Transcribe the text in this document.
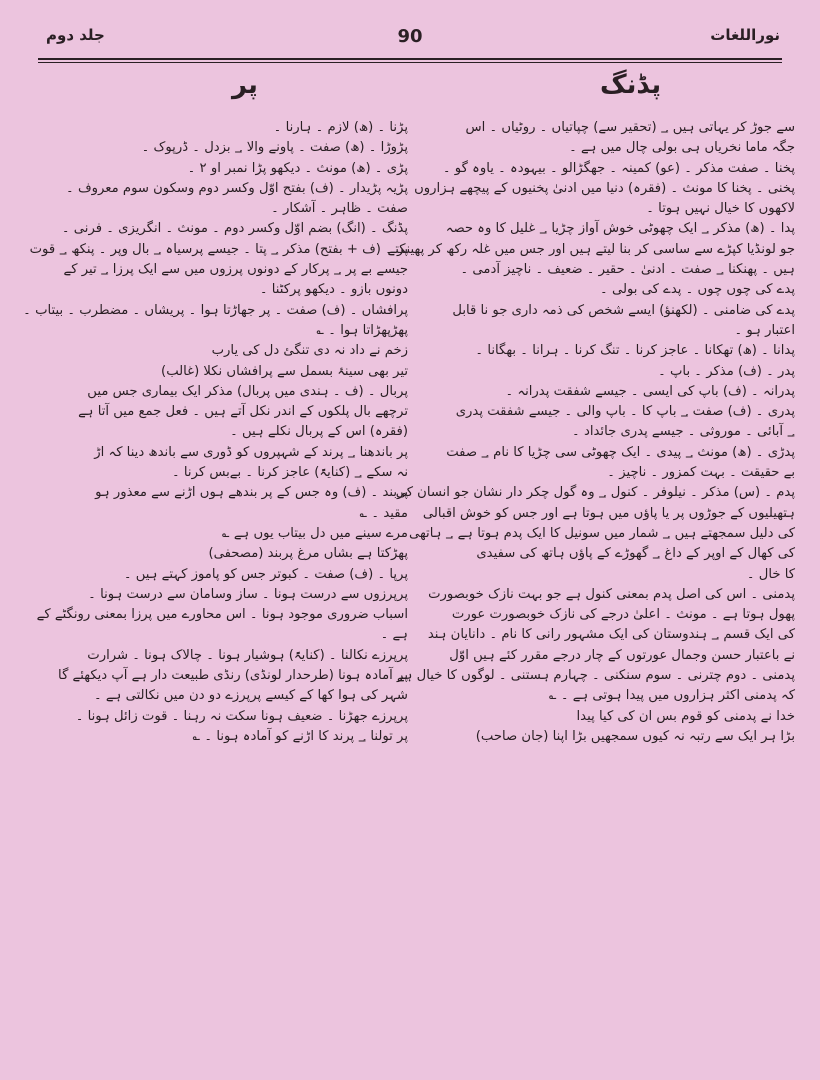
جلد دوم	90	نوراللغات
پر	پڈنگ

پڑنا ۔ (ھ) لازم ۔ ہارنا ۔

پڑوڑا ۔ (ھ) صفت ۔ پاونے والا ؀ بزدل ۔ ڈرپوک ۔

پڑی ۔ (ھ) مونث ۔ دیکھو پڑا نمبر او ۲ ۔

پڑیہ پڑیدار ۔ (ف) بفتح اوّل وکسر دوم وسکون سوم معروف ۔

صفت ۔ ظاہر ۔ آشکار ۔

پڈنگ ۔ (انگ) بضم اوّل وکسر دوم ۔ مونث ۔ انگریزی ۔ فرنی ۔

پر ۔ (ف + بفتح) مذکر ؀ پتا ۔ جیسے پرسیاہ ؀ بال وپر ۔ پنکھ ؀ قوت

جیسے بے پر ؀ پرکار کے دونوں پرزوں میں سے ایک پرزا ؀ تیر کے

دونوں بازو ۔ دیکھو پرکٹنا ۔

پرافشاں ۔ (ف) صفت ۔ پر جھاڑتا ہوا ۔ پریشاں ۔ مضطرب ۔ بیتاب ۔

پھڑپھڑاتا ہوا ۔ ؎

زخم نے داد نہ دی تنگئ دل کی یارب

تیر بھی سینۂ بسمل سے پرافشاں نکلا (غالب)

پربال ۔ (ف ۔ ہندی میں پربال) مذکر ایک بیماری جس میں

ترچھے بال پلکوں کے اندر نکل آتے ہیں ۔ فعل جمع میں آتا ہے

(فقرہ) اس کے پربال نکلے ہیں ۔

پر باندھنا ؀ پرند کے شہپروں کو ڈوری سے باندھ دینا کہ اڑ

نہ سکے ؀ (کنایۃً) عاجز کرنا ۔ بےبس کرنا ۔

پربند ۔ (ف) وہ جس کے پر بندھے ہوں اڑنے سے معذور ہو

مقید ۔ ؎

مرے سینے میں دل بیتاب یوں ہے ؎

پھڑکتا ہے بشاں مرغ پربند (مصحفی)

پرپا ۔ (ف) صفت ۔ کبوتر جس کو پاموز کہتے ہیں ۔

پرپرزوں سے درست ہونا ۔ ساز وسامان سے درست ہونا ۔

اسباب ضروری موجود ہونا ۔ اس محاورے میں پرزا بمعنی رونگٹے کے

ہے ۔

پرپرزے نکالنا ۔ (کنایۃً) ہوشیار ہونا ۔ چالاک ہونا ۔ شرارت

پر آمادہ ہونا (طرحدار لونڈی) رنڈی طبیعت دار ہے آپ دیکھئے گا

شہر کی ہوا کھا کے کیسے پرپرزے دو دن میں نکالتی ہے ۔

پرپرزے جھڑنا ۔ ضعیف ہونا سکت نہ رہنا ۔ قوت زائل ہونا ۔

پر تولنا ؀ پرند کا اڑنے کو آمادہ ہونا ۔ ؎

سے جوڑ کر یہاتی ہیں ؀ (تحقیر سے) چپاتیاں ۔ روٹیاں ۔ اس

جگہ ماما نخریاں ہی بولی چال میں ہے ۔

پخنا ۔ صفت مذکر ۔ (عو) کمینہ ۔ جھگڑالو ۔ بیہودہ ۔ یاوہ گو ۔

پخنی ۔ پخنا کا مونث ۔ (فقرہ) دنیا میں ادنیٰ پخنیوں کے پیچھے ہزاروں

لاکھوں کا خیال نہیں ہوتا ۔

پدا ۔ (ھ) مذکر ؀ ایک چھوٹی خوش آواز چڑیا ؀ غلیل کا وہ حصہ

جو لونڈیا کپڑے سے ساسی کر بنا لیتے ہیں اور جس میں غلہ رکھ کر پھینکتے

ہیں ۔ پھنکنا ؀ صفت ۔ ادنیٰ ۔ حقیر ۔ ضعیف ۔ ناچیز آدمی ۔

پدے کی چوں چوں ۔ پدے کی بولی ۔

پدے کی ضامنی ۔ (لکھنؤ) ایسے شخص کی ذمہ داری جو نا قابل

اعتبار ہو ۔

پدانا ۔ (ھ) تھکانا ۔ عاجز کرنا ۔ تنگ کرنا ۔ ہرانا ۔ بھگانا ۔

پدر ۔ (ف) مذکر ۔ باپ ۔

پدرانہ ۔ (ف) باپ کی ایسی ۔ جیسے شفقت پدرانہ ۔

پدری ۔ (ف) صفت ؀ باپ کا ۔ باپ والی ۔ جیسے شفقت پدری

؀ آبائی ۔ موروثی ۔ جیسے پدری جائداد ۔

پدڑی ۔ (ھ) مونث ؀ پیدی ۔ ایک چھوٹی سی چڑیا کا نام ؀ صفت

بے حقیقت ۔ بہت کمزور ۔ ناچیز ۔

پدم ۔ (س) مذکر ۔ نیلوفر ۔ کنول ؀ وہ گول چکر دار نشان جو انسان کی

ہتھیلیوں کے جوڑوں پر یا پاؤں میں ہوتا ہے اور جس کو خوش اقبالی

کی دلیل سمجھتے ہیں ؀ شمار میں سونیل کا ایک پدم ہوتا ہے ؀ ہاتھی

کی کھال کے اوپر کے داغ ؀ گھوڑے کے پاؤں ہاتھ کی سفیدی

کا خال ۔

پدمنی ۔ اس کی اصل پدم بمعنی کنول ہے جو بہت نازک خوبصورت

پھول ہوتا ہے ۔ مونث ۔ اعلیٰ درجے کی نازک خوبصورت عورت

کی ایک قسم ؀ ہندوستان کی ایک مشہور رانی کا نام ۔ دانایان ہند

نے باعتبار حسن وجمال عورتوں کے چار درجے مقرر کئے ہیں اوّل

پدمنی ۔ دوم چترنی ۔ سوم سنکنی ۔ چہارم ہستنی ۔ لوگوں کا خیال ہے

کہ پدمنی اکثر ہزاروں میں پیدا ہوتی ہے ۔ ؎

خدا نے پدمنی کو قوم بس ان کی کیا پیدا

بڑا ہر ایک سے رتبہ نہ کیوں سمجھیں بڑا اپنا (جان صاحب)
